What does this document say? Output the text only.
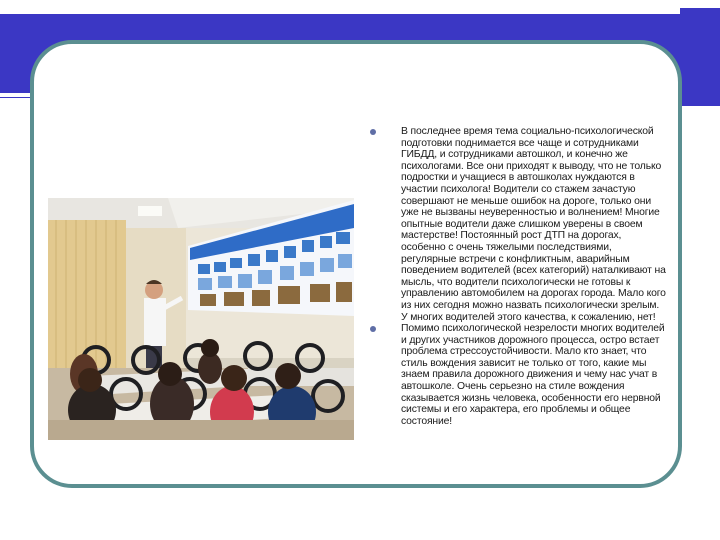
В последнее время тема социально-психологической подготовки поднимается все чаще и сотрудниками ГИБДД, и сотрудниками автошкол, и конечно же психологами. Все они приходят к выводу, что не только подростки и учащиеся в автошколах нуждаются в участии психолога! Водители со стажем зачастую совершают не меньше ошибок на дороге, только они уже не вызваны неуверенностью и волнением! Многие опытные водители даже слишком уверены в своем мастерстве! Постоянный рост ДТП на дорогах, особенно с очень тяжелыми последствиями, регулярные встречи с конфликтным, аварийным поведением водителей (всех категорий) наталкивают на мысль, что водители психологически не готовы к управлению автомобилем на дорогах города. Мало кого из них сегодня можно назвать психологически зрелым. У многих водителей этого качества, к сожалению, нет!
Помимо психологической незрелости многих водителей и других участников дорожного процесса, остро встает проблема стрессоустойчивости. Мало кто знает, что стиль вождения зависит не только от того, какие мы знаем правила дорожного движения и чему нас учат в автошколе. Очень серьезно на стиле вождения сказывается жизнь человека, особенности его нервной системы и его характера, его проблемы и общее состояние!
